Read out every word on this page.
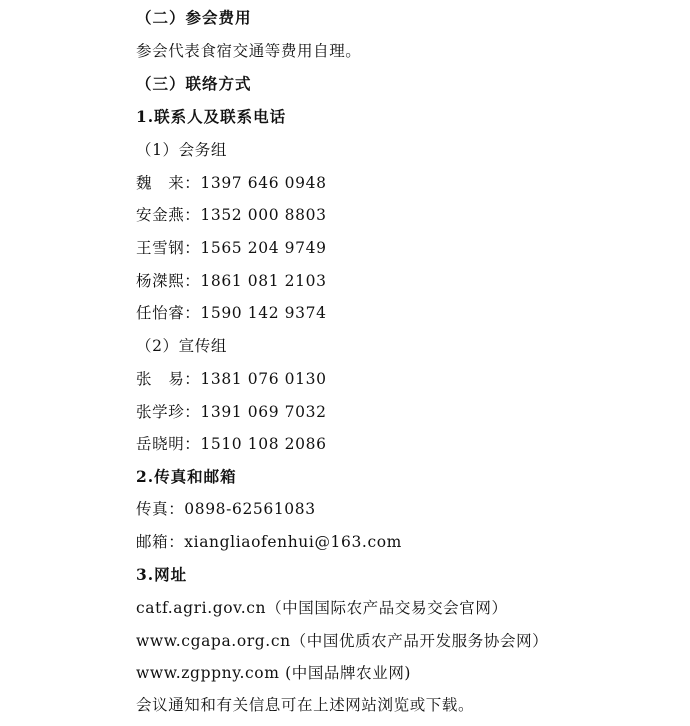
（二）参会费用
参会代表食宿交通等费用自理。
（三）联络方式
1.联系人及联系电话
（1）会务组
魏　来：1397 646 0948
安金燕：1352 000 8803
王雪钢：1565 204 9749
杨滐熙：1861 081 2103
任怡睿：1590 142 9374
（2）宣传组
张　易：1381 076 0130
张学珍：1391 069 7032
岳晓明：1510 108 2086
2.传真和邮箱
传真：0898-62561083
邮箱：xiangliaofenhui@163.com
3.网址
catf.agri.gov.cn（中国国际农产品交易交会官网）
www.cgapa.org.cn（中国优质农产品开发服务协会网）
www.zgppny.com (中国品牌农业网)
会议通知和有关信息可在上述网站浏览或下载。
